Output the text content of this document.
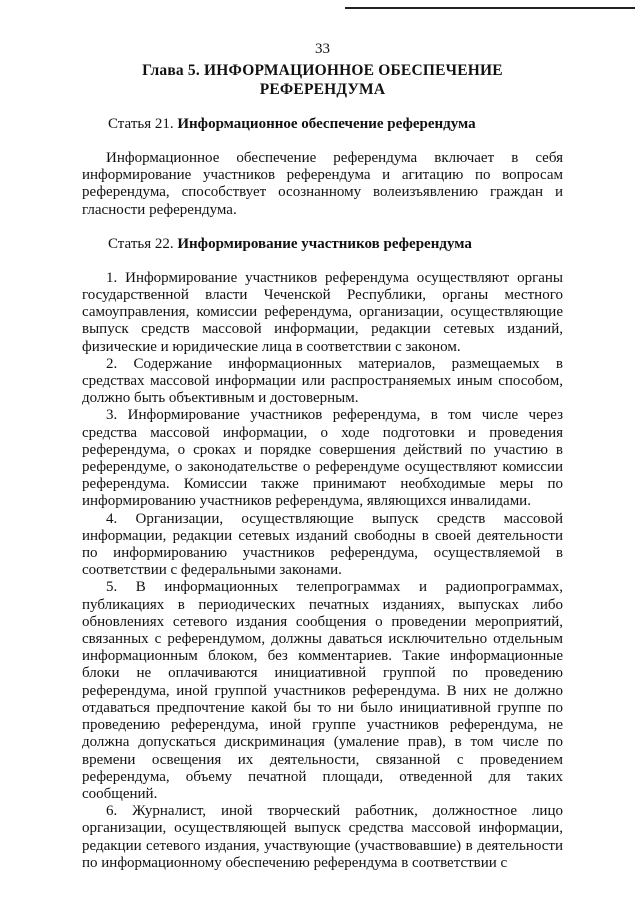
33
Глава 5. ИНФОРМАЦИОННОЕ ОБЕСПЕЧЕНИЕ РЕФЕРЕНДУМА
Статья 21. Информационное обеспечение референдума

Информационное обеспечение референдума включает в себя информирование участников референдума и агитацию по вопросам референдума, способствует осознанному волеизъявлению граждан и гласности референдума.

Статья 22. Информирование участников референдума

1. Информирование участников референдума осуществляют органы государственной власти Чеченской Республики, органы местного самоуправления, комиссии референдума, организации, осуществляющие выпуск средств массовой информации, редакции сетевых изданий, физические и юридические лица в соответствии с законом.

2. Содержание информационных материалов, размещаемых в средствах массовой информации или распространяемых иным способом, должно быть объективным и достоверным.

3. Информирование участников референдума, в том числе через средства массовой информации, о ходе подготовки и проведения референдума, о сроках и порядке совершения действий по участию в референдуме, о законодательстве о референдуме осуществляют комиссии референдума. Комиссии также принимают необходимые меры по информированию участников референдума, являющихся инвалидами.

4. Организации, осуществляющие выпуск средств массовой информации, редакции сетевых изданий свободны в своей деятельности по информированию участников референдума, осуществляемой в соответствии с федеральными законами.

5. В информационных телепрограммах и радиопрограммах, публикациях в периодических печатных изданиях, выпусках либо обновлениях сетевого издания сообщения о проведении мероприятий, связанных с референдумом, должны даваться исключительно отдельным информационным блоком, без комментариев. Такие информационные блоки не оплачиваются инициативной группой по проведению референдума, иной группой участников референдума. В них не должно отдаваться предпочтение какой бы то ни было инициативной группе по проведению референдума, иной группе участников референдума, не должна допускаться дискриминация (умаление прав), в том числе по времени освещения их деятельности, связанной с проведением референдума, объему печатной площади, отведенной для таких сообщений.

6. Журналист, иной творческий работник, должностное лицо организации, осуществляющей выпуск средства массовой информации, редакции сетевого издания, участвующие (участвовавшие) в деятельности по информационному обеспечению референдума в соответствии с
